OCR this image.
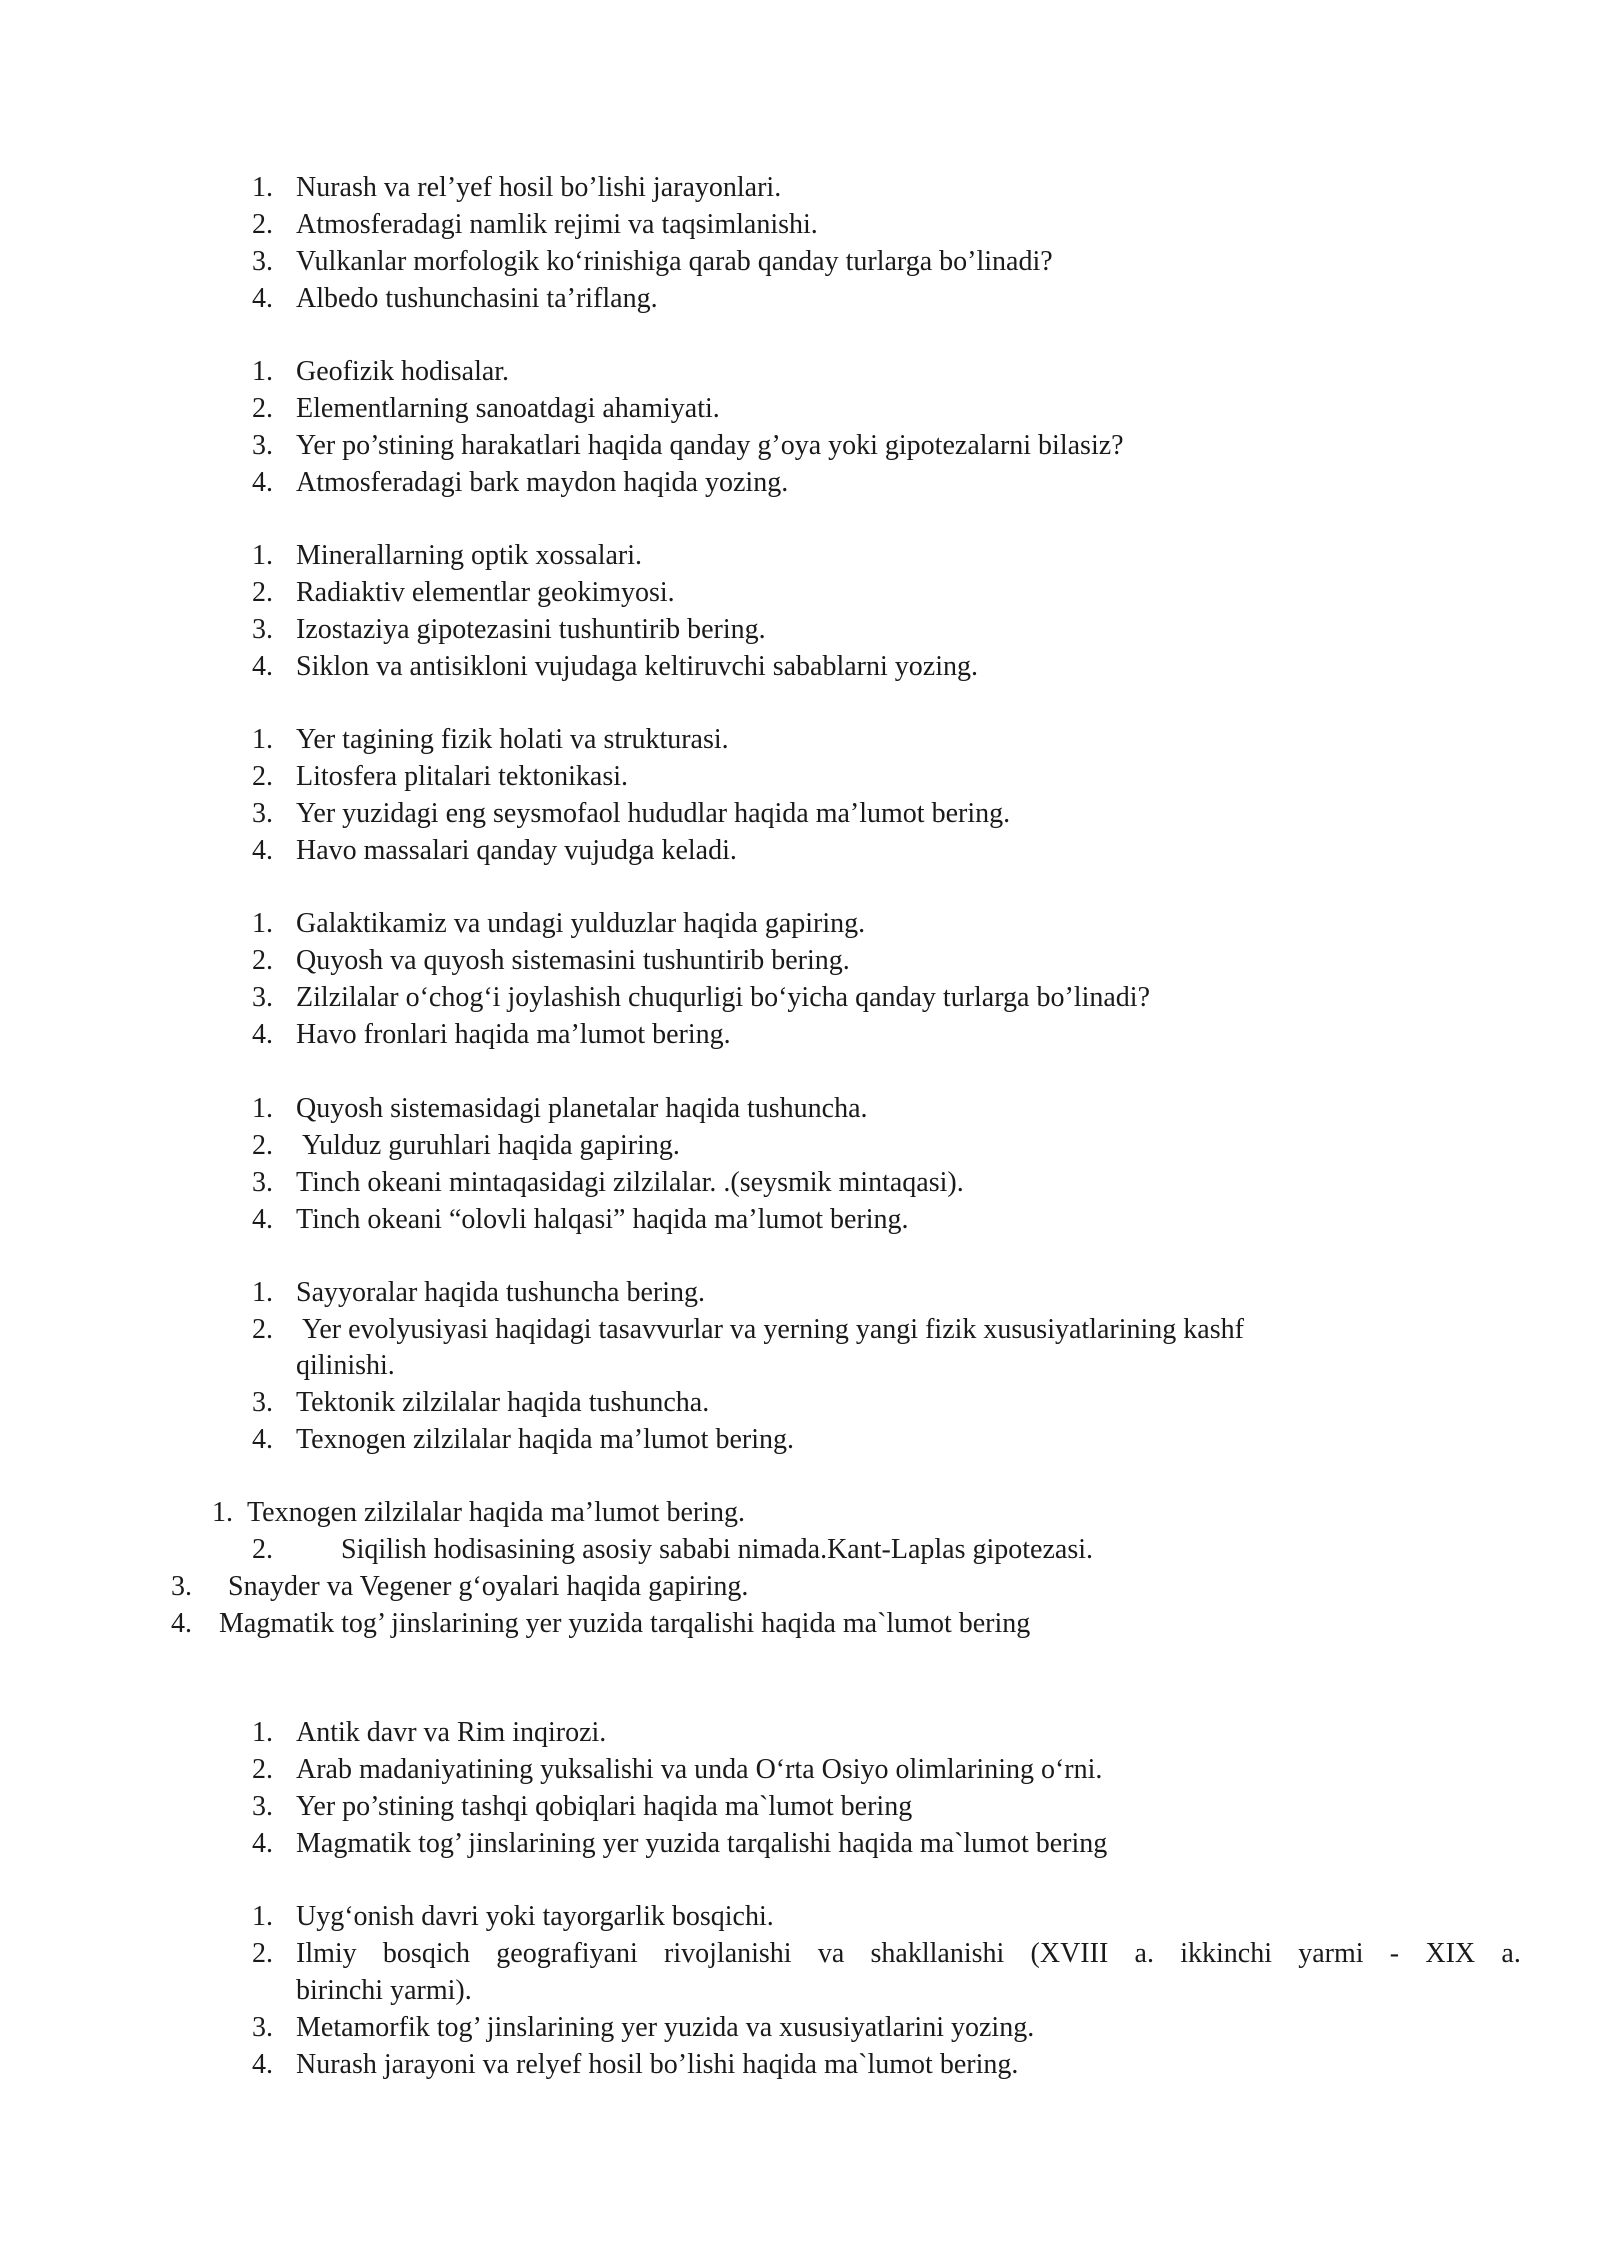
1. Nurash va rel’yef hosil bo’lishi jarayonlari.
2. Atmosferadagi namlik rejimi va taqsimlanishi.
3. Vulkanlar morfologik ko‘rinishiga qarab qanday turlarga bo’linadi?
4. Albedo tushunchasini ta’riflang.
1. Geofizik hodisalar.
2. Elementlarning sanoatdagi ahamiyati.
3. Yer po’stining harakatlari haqida qanday g’oya yoki gipotezalarni bilasiz?
4. Atmosferadagi bark maydon haqida yozing.
1. Minerallarning optik xossalari.
2. Radiaktiv elementlar geokimyosi.
3. Izostaziya gipotezasini tushuntirib bering.
4. Siklon va antisikloni vujudaga keltiruvchi sabablarni yozing.
1. Yer tagining fizik holati va strukturasi.
2. Litosfera plitalari tektonikasi.
3. Yer yuzidagi eng seysmofaol hududlar haqida ma’lumot bering.
4. Havo massalari qanday vujudga keladi.
1. Galaktikamiz va undagi yulduzlar haqida gapiring.
2. Quyosh va quyosh sistemasini tushuntirib bering.
3. Zilzilalar o‘chog‘i joylashish chuqurligi bo‘yicha qanday turlarga bo’linadi?
4. Havo fronlari haqida ma’lumot bering.
1. Quyosh sistemasidagi planetalar haqida tushuncha.
2. Yulduz guruhlari haqida gapiring.
3. Tinch okeani mintaqasidagi zilzilalar. .(seysmik mintaqasi).
4. Tinch okeani “olovli halqasi” haqida ma’lumot bering.
1. Sayyoralar haqida tushuncha bering.
2. Yer evolyusiyasi haqidagi tasavvurlar va yerning yangi fizik xususiyatlarining kashf
qilinishi.
3. Tektonik zilzilalar haqida tushuncha.
4. Texnogen zilzilalar haqida ma’lumot bering.
1. Texnogen zilzilalar haqida ma’lumot bering.
2. Siqilish hodisasining asosiy sababi nimada.Kant-Laplas gipotezasi.
3. Snayder va Vegener g‘oyalari haqida gapiring.
4. Magmatik tog’ jinslarining yer yuzida tarqalishi haqida ma`lumot bering
1. Antik davr va Rim inqirozi.
2. Arab madaniyatining yuksalishi va unda O‘rta Osiyo olimlarining o‘rni.
3. Yer po’stining tashqi qobiqlari haqida ma`lumot bering
4. Magmatik tog’ jinslarining yer yuzida tarqalishi haqida ma`lumot bering
1. Uyg‘onish davri yoki tayorgarlik bosqichi.
2. Ilmiy bosqich geografiyani rivojlanishi va shakllanishi (XVIII a. ikkinchi yarmi - XIX a.
birinchi yarmi).
3. Metamorfik tog’ jinslarining yer yuzida va xususiyatlarini yozing.
4. Nurash jarayoni va relyef hosil bo’lishi haqida ma`lumot bering.
